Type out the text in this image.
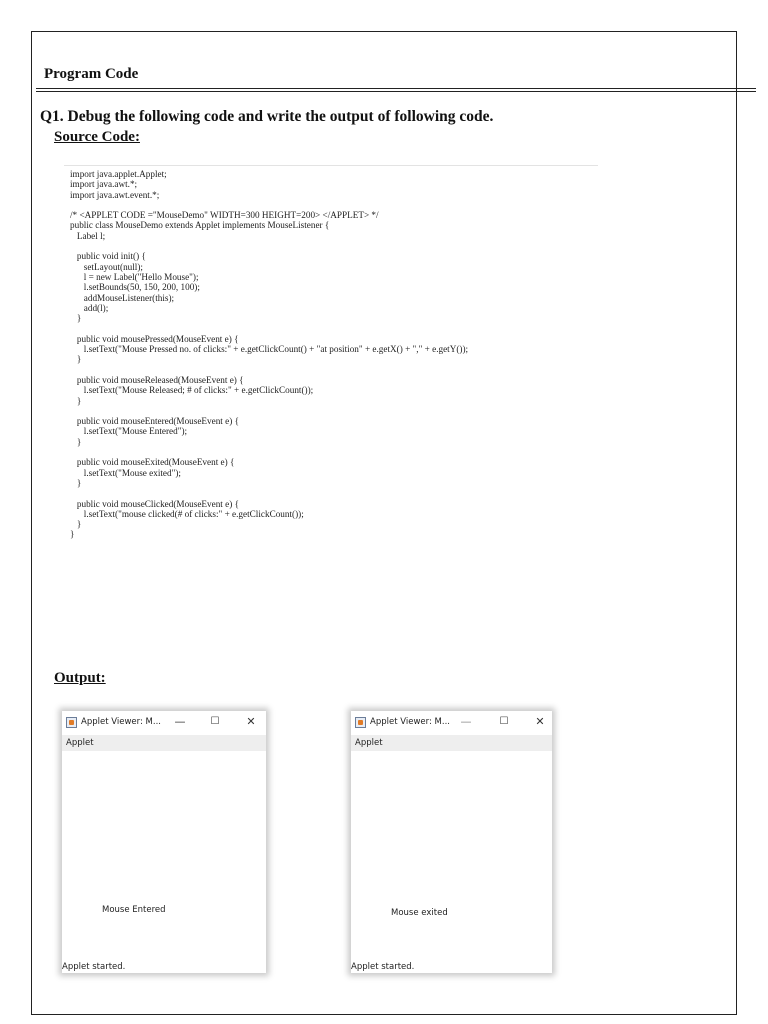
Program Code
Q1. Debug the following code and write the output of following code.
Source Code:
import java.applet.Applet;
import java.awt.*;
import java.awt.event.*;
/* <APPLET CODE ="MouseDemo" WIDTH=300 HEIGHT=200> </APPLET> */
public class MouseDemo extends Applet implements MouseListener {
Label l;
public void init() {
setLayout(null);
l = new Label("Hello Mouse");
l.setBounds(50, 150, 200, 100);
addMouseListener(this);
add(l);
}
public void mousePressed(MouseEvent e) {
l.setText("Mouse Pressed no. of clicks:" + e.getClickCount() + "at position" + e.getX() + "," + e.getY());
}
public void mouseReleased(MouseEvent e) {
l.setText("Mouse Released; # of clicks:" + e.getClickCount());
}
public void mouseEntered(MouseEvent e) {
l.setText("Mouse Entered");
}
public void mouseExited(MouseEvent e) {
l.setText("Mouse exited");
}
public void mouseClicked(MouseEvent e) {
l.setText("mouse clicked(# of clicks:" + e.getClickCount());
}
}
Output:
Applet Viewer: M... —	☐ ✕
Applet
Mouse Entered
Applet started.
Applet Viewer: M... —	☐ ✕
Applet
Mouse exited
Applet started.
